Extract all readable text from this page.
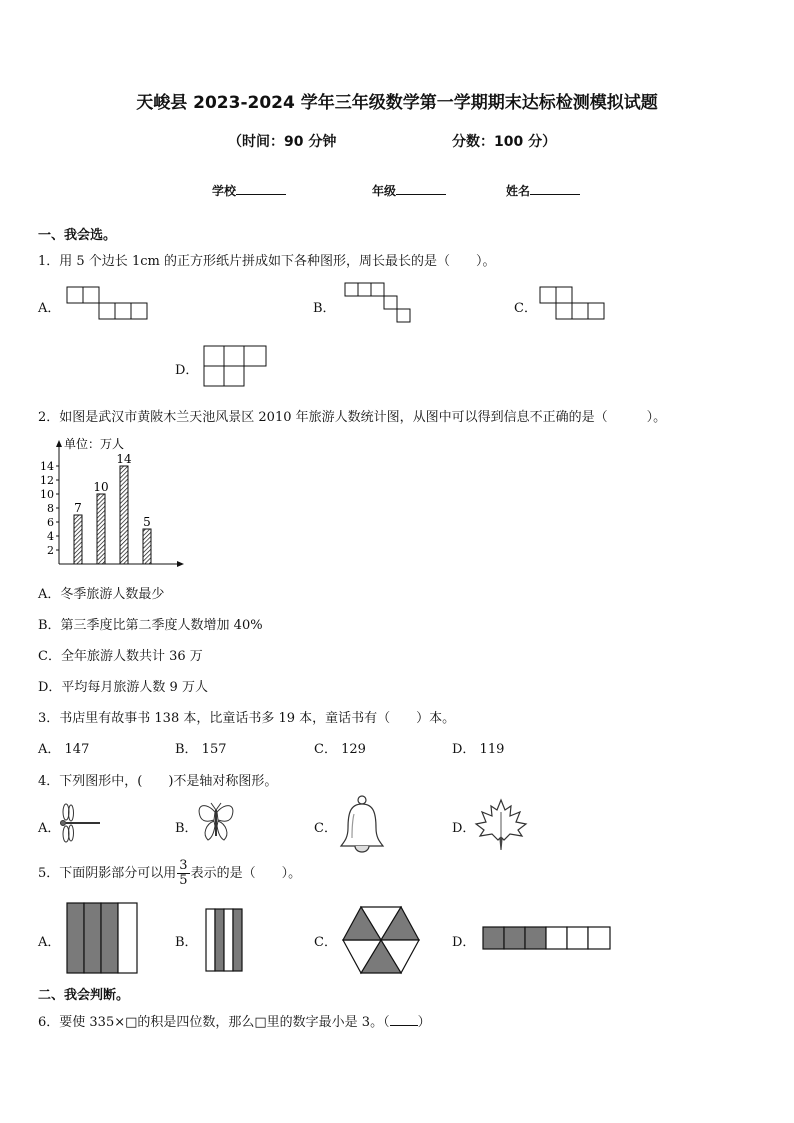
天峻县 2023-2024 学年三年级数学第一学期期末达标检测模拟试题
（时间：90 分钟	分数：100 分）
学校	年级	姓名
一、我会选。
1．用 5 个边长 1cm 的正方形纸片拼成如下各种图形，周长最长的是（　　）。
A．	B．	C．
D．
2．如图是武汉市黄陂木兰天池风景区 2010 年旅游人数统计图，从图中可以得到信息不正确的是（　　　）。
单位：万人
2
4
6
8
10
12
14
7
10
14
5
A．冬季旅游人数最少
B．第三季度比第二季度人数增加 40%
C．全年旅游人数共计 36 万
D．平均每月旅游人数 9 万人
3．书店里有故事书 138 本，比童话书多 19 本，童话书有（　　）本。
A． 147	B． 157	C． 129	D． 119
4．下列图形中，(　　)不是轴对称图形。
A．	B．	C．	D．
5．下面阴影部分可以用 $\frac{3}{5}$ 表示的是（　　）。
A．	B．	C．	D．
二、我会判断。
6．要使 335×□的积是四位数，那么□里的数字最小是 3。（ ）
